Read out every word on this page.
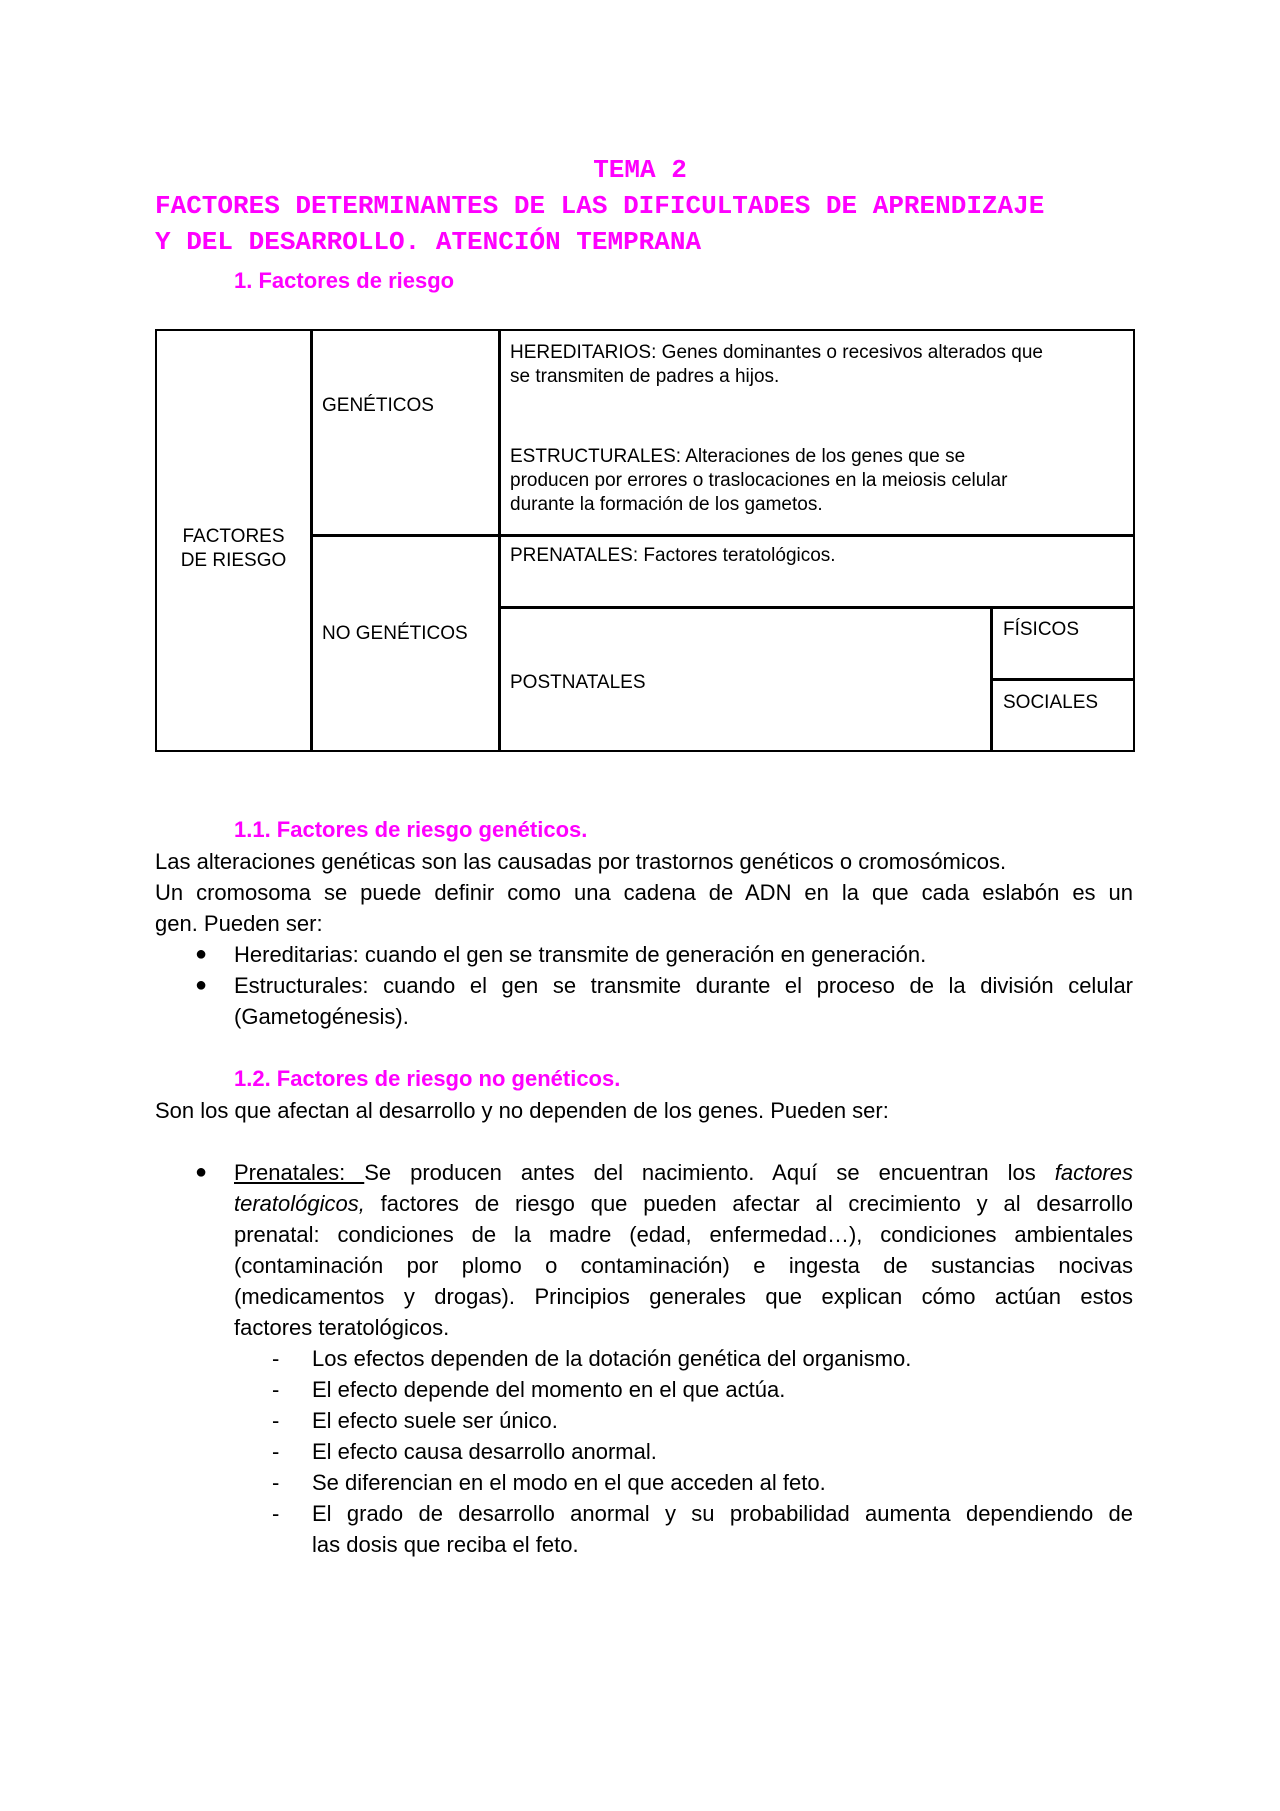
TEMA 2
FACTORES DETERMINANTES DE LAS DIFICULTADES DE APRENDIZAJE
Y DEL DESARROLLO. ATENCIÓN TEMPRANA
1. Factores de riesgo
FACTORES
DE RIESGO
GENÉTICOS
NO GENÉTICOS
HEREDITARIOS: Genes dominantes o recesivos alterados que
se transmiten de padres a hijos.
ESTRUCTURALES: Alteraciones de los genes que se
producen por errores o traslocaciones en la meiosis celular
durante la formación de los gametos.
PRENATALES: Factores teratológicos.
POSTNATALES
FÍSICOS
SOCIALES
1.1. Factores de riesgo genéticos.
Las alteraciones genéticas son las causadas por trastornos genéticos o cromosómicos.
Un cromosoma se puede definir como una cadena de ADN en la que cada eslabón es un
gen. Pueden ser:
● Hereditarias: cuando el gen se transmite de generación en generación.
● Estructurales: cuando el gen se transmite durante el proceso de la división celular
(Gametogénesis).
1.2. Factores de riesgo no genéticos.
Son los que afectan al desarrollo y no dependen de los genes. Pueden ser:
● Prenatales: Se producen antes del nacimiento. Aquí se encuentran los factores
teratológicos, factores de riesgo que pueden afectar al crecimiento y al desarrollo
prenatal: condiciones de la madre (edad, enfermedad…), condiciones ambientales
(contaminación por plomo o contaminación) e ingesta de sustancias nocivas
(medicamentos y drogas). Principios generales que explican cómo actúan estos
factores teratológicos.
- Los efectos dependen de la dotación genética del organismo.
- El efecto depende del momento en el que actúa.
- El efecto suele ser único.
- El efecto causa desarrollo anormal.
- Se diferencian en el modo en el que acceden al feto.
- El grado de desarrollo anormal y su probabilidad aumenta dependiendo de
las dosis que reciba el feto.
